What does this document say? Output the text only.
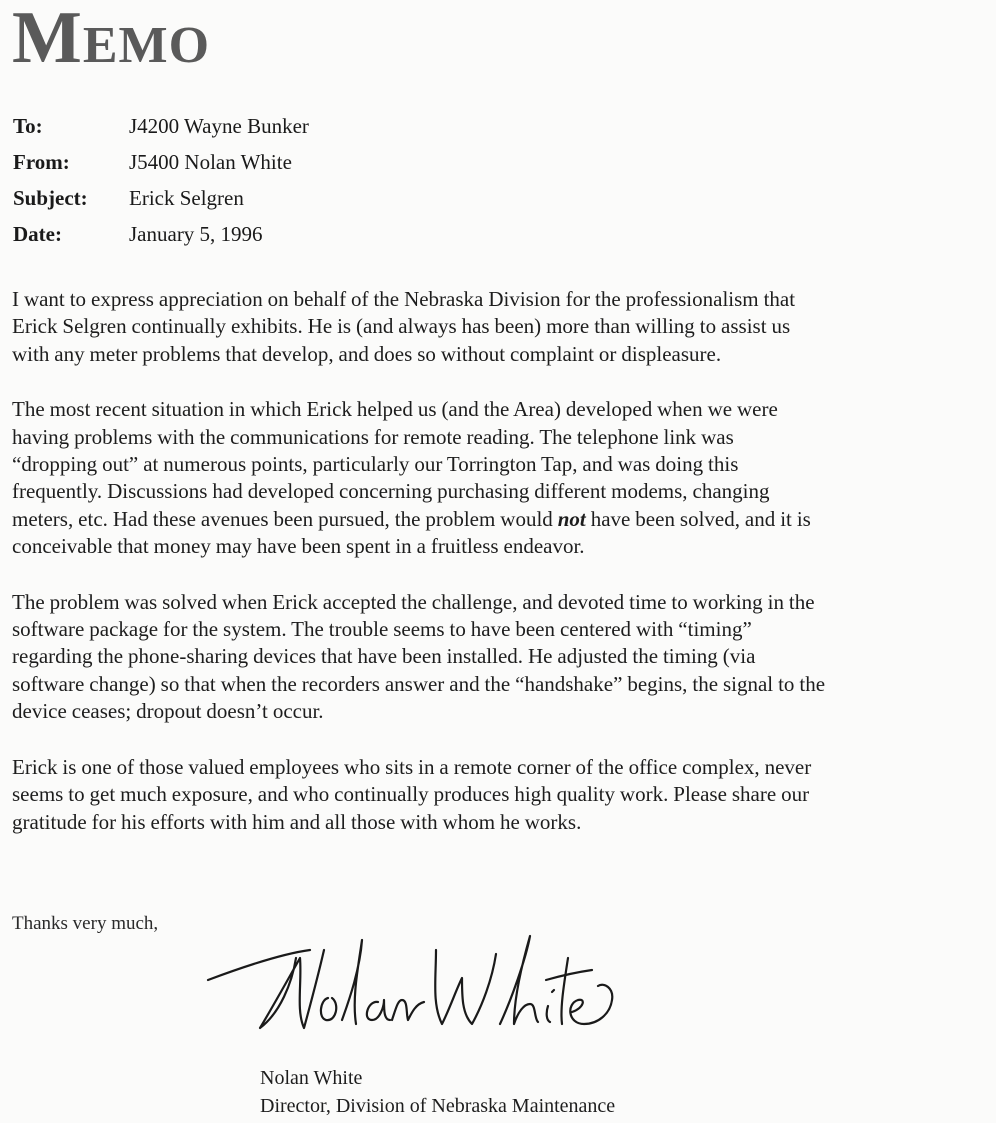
Memo
To:	J4200 Wayne Bunker
From:	J5400 Nolan White
Subject:	Erick Selgren
Date:	January 5, 1996

I want to express appreciation on behalf of the Nebraska Division for the professionalism that
Erick Selgren continually exhibits. He is (and always has been) more than willing to assist us
with any meter problems that develop, and does so without complaint or displeasure.

The most recent situation in which Erick helped us (and the Area) developed when we were
having problems with the communications for remote reading. The telephone link was
“dropping out” at numerous points, particularly our Torrington Tap, and was doing this
frequently. Discussions had developed concerning purchasing different modems, changing
meters, etc. Had these avenues been pursued, the problem would not have been solved, and it is
conceivable that money may have been spent in a fruitless endeavor.

The problem was solved when Erick accepted the challenge, and devoted time to working in the
software package for the system. The trouble seems to have been centered with “timing”
regarding the phone-sharing devices that have been installed. He adjusted the timing (via
software change) so that when the recorders answer and the “handshake” begins, the signal to the
device ceases; dropout doesn’t occur.

Erick is one of those valued employees who sits in a remote corner of the office complex, never
seems to get much exposure, and who continually produces high quality work. Please share our
gratitude for his efforts with him and all those with whom he works.

Thanks very much,

Nolan White
Director, Division of Nebraska Maintenance
